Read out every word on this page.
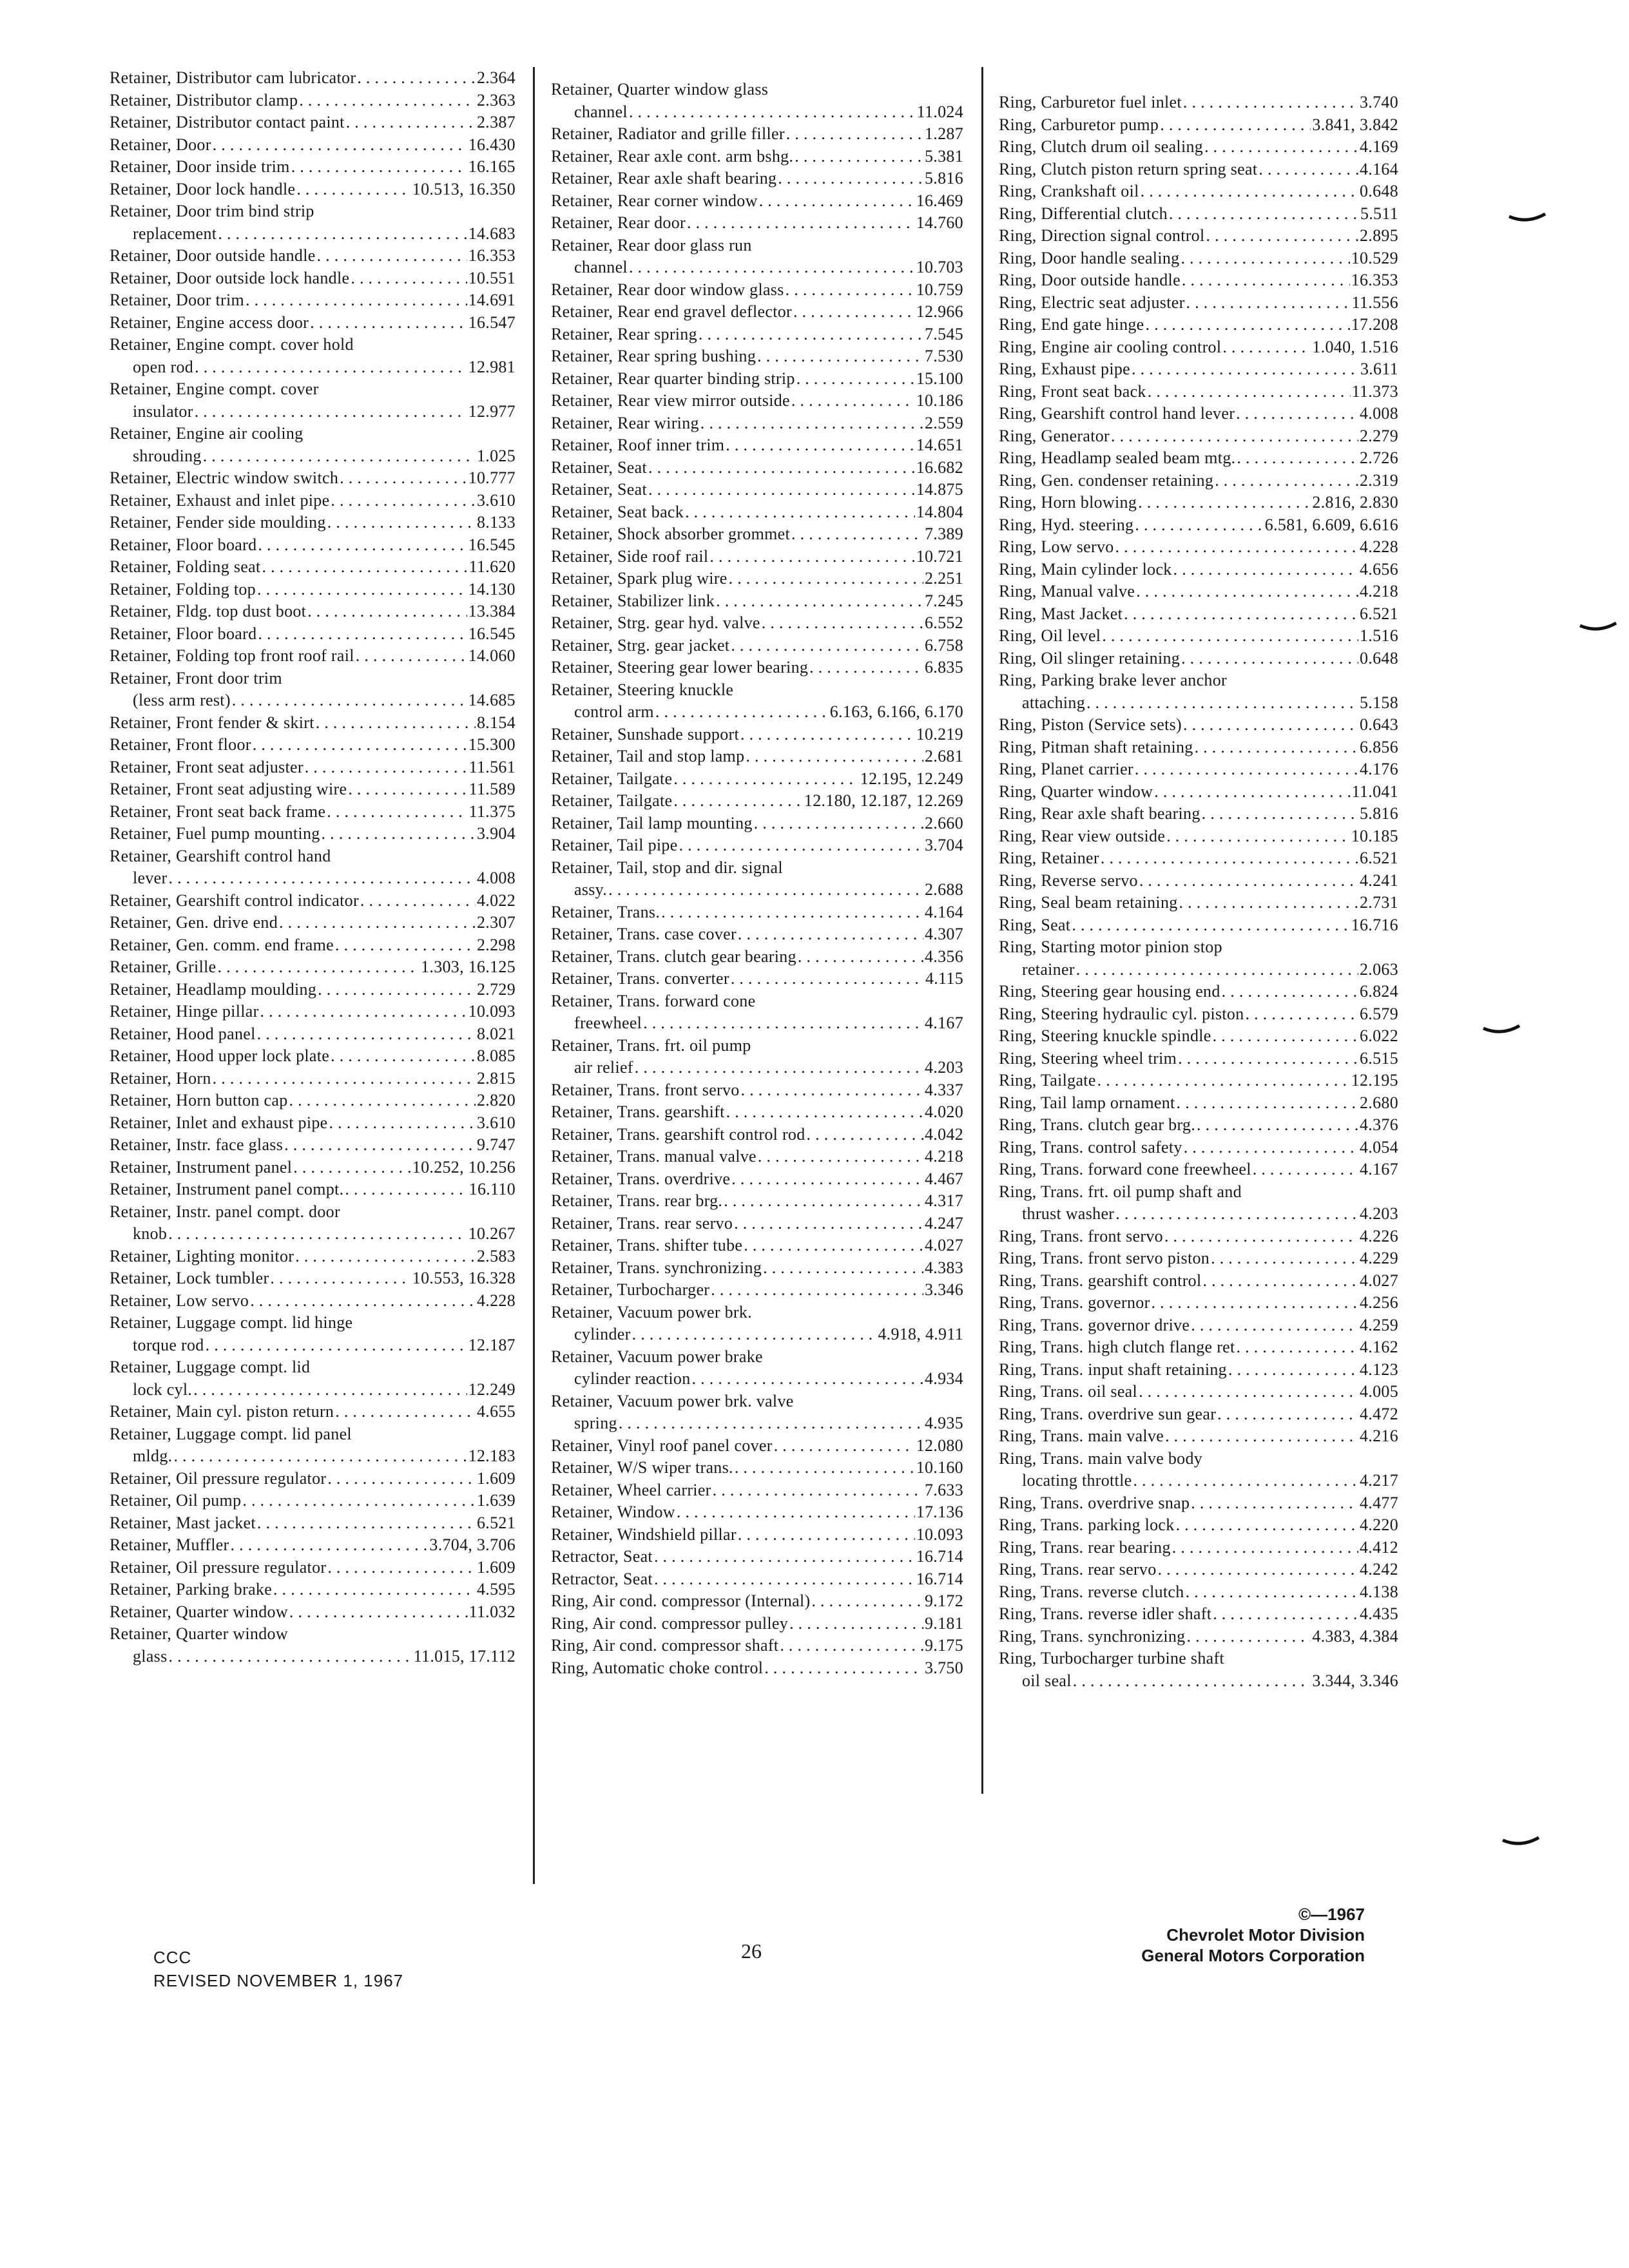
Retainer, Distributor cam lubricator . . .	2.364
Retainer, Distributor clamp . . .	2.363
Retainer, Distributor contact paint . . .	2.387
Retainer, Door . . .	16.430
Retainer, Door inside trim . . .	16.165
Retainer, Door lock handle . . .	10.513, 16.350
Retainer, Door trim bind strip
replacement . . .	14.683
Retainer, Door outside handle . . .	16.353
Retainer, Door outside lock handle . . .	10.551
Retainer, Door trim . . .	14.691
Retainer, Engine access door . . .	16.547
Retainer, Engine compt. cover hold
open rod . . .	12.981
Retainer, Engine compt. cover
insulator . . .	12.977
Retainer, Engine air cooling
shrouding . . .	1.025
Retainer, Electric window switch . . .	10.777
Retainer, Exhaust and inlet pipe . . .	3.610
Retainer, Fender side moulding . . .	8.133
Retainer, Floor board . . .	16.545
Retainer, Folding seat . . .	11.620
Retainer, Folding top . . .	14.130
Retainer, Fldg. top dust boot . . .	13.384
Retainer, Floor board . . .	16.545
Retainer, Folding top front roof rail . . .	14.060
Retainer, Front door trim
(less arm rest) . . .	14.685
Retainer, Front fender & skirt . . .	8.154
Retainer, Front floor . . .	15.300
Retainer, Front seat adjuster . . .	11.561
Retainer, Front seat adjusting wire . . .	11.589
Retainer, Front seat back frame . . .	11.375
Retainer, Fuel pump mounting . . .	3.904
Retainer, Gearshift control hand
lever . . .	4.008
Retainer, Gearshift control indicator . . .	4.022
Retainer, Gen. drive end . . .	2.307
Retainer, Gen. comm. end frame . . .	2.298
Retainer, Grille . . .	1.303, 16.125
Retainer, Headlamp moulding . . .	2.729
Retainer, Hinge pillar . . .	10.093
Retainer, Hood panel . . .	8.021
Retainer, Hood upper lock plate . . .	8.085
Retainer, Horn . . .	2.815
Retainer, Horn button cap . . .	2.820
Retainer, Inlet and exhaust pipe . . .	3.610
Retainer, Instr. face glass . . .	9.747
Retainer, Instrument panel . . .	10.252, 10.256
Retainer, Instrument panel compt. . . .	16.110
Retainer, Instr. panel compt. door
knob . . .	10.267
Retainer, Lighting monitor . . .	2.583
Retainer, Lock tumbler . . .	10.553, 16.328
Retainer, Low servo . . .	4.228
Retainer, Luggage compt. lid hinge
torque rod . . .	12.187
Retainer, Luggage compt. lid
lock cyl. . . .	12.249
Retainer, Main cyl. piston return . . .	4.655
Retainer, Luggage compt. lid panel
mldg. . . .	12.183
Retainer, Oil pressure regulator . . .	1.609
Retainer, Oil pump . . .	1.639
Retainer, Mast jacket . . .	6.521
Retainer, Muffler . . .	3.704, 3.706
Retainer, Oil pressure regulator . . .	1.609
Retainer, Parking brake . . .	4.595
Retainer, Quarter window . . .	11.032
Retainer, Quarter window
glass . . .	11.015, 17.112
Retainer, Quarter window glass
channel . . .	11.024
Retainer, Radiator and grille filler . . .	1.287
Retainer, Rear axle cont. arm bshg. . . .	5.381
Retainer, Rear axle shaft bearing . . .	5.816
Retainer, Rear corner window . . .	16.469
Retainer, Rear door . . .	14.760
Retainer, Rear door glass run
channel . . .	10.703
Retainer, Rear door window glass . . .	10.759
Retainer, Rear end gravel deflector . . .	12.966
Retainer, Rear spring . . .	7.545
Retainer, Rear spring bushing . . .	7.530
Retainer, Rear quarter binding strip . . .	15.100
Retainer, Rear view mirror outside . . .	10.186
Retainer, Rear wiring . . .	2.559
Retainer, Roof inner trim . . .	14.651
Retainer, Seat . . .	16.682
Retainer, Seat . . .	14.875
Retainer, Seat back . . .	14.804
Retainer, Shock absorber grommet . . .	7.389
Retainer, Side roof rail . . .	10.721
Retainer, Spark plug wire . . .	2.251
Retainer, Stabilizer link . . .	7.245
Retainer, Strg. gear hyd. valve . . .	6.552
Retainer, Strg. gear jacket . . .	6.758
Retainer, Steering gear lower bearing . . .	6.835
Retainer, Steering knuckle
control arm . . .	6.163, 6.166, 6.170
Retainer, Sunshade support . . .	10.219
Retainer, Tail and stop lamp . . .	2.681
Retainer, Tailgate . . .	12.195, 12.249
Retainer, Tailgate . . .	12.180, 12.187, 12.269
Retainer, Tail lamp mounting . . .	2.660
Retainer, Tail pipe . . .	3.704
Retainer, Tail, stop and dir. signal
assy. . . .	2.688
Retainer, Trans. . . .	4.164
Retainer, Trans. case cover . . .	4.307
Retainer, Trans. clutch gear bearing . . .	4.356
Retainer, Trans. converter . . .	4.115
Retainer, Trans. forward cone
freewheel . . .	4.167
Retainer, Trans. frt. oil pump
air relief . . .	4.203
Retainer, Trans. front servo . . .	4.337
Retainer, Trans. gearshift . . .	4.020
Retainer, Trans. gearshift control rod . . .	4.042
Retainer, Trans. manual valve . . .	4.218
Retainer, Trans. overdrive . . .	4.467
Retainer, Trans. rear brg. . . .	4.317
Retainer, Trans. rear servo . . .	4.247
Retainer, Trans. shifter tube . . .	4.027
Retainer, Trans. synchronizing . . .	4.383
Retainer, Turbocharger . . .	3.346
Retainer, Vacuum power brk.
cylinder . . .	4.918, 4.911
Retainer, Vacuum power brake
cylinder reaction . . .	4.934
Retainer, Vacuum power brk. valve
spring . . .	4.935
Retainer, Vinyl roof panel cover . . .	12.080
Retainer, W/S wiper trans. . . .	10.160
Retainer, Wheel carrier . . .	7.633
Retainer, Window . . .	17.136
Retainer, Windshield pillar . . .	10.093
Retractor, Seat . . .	16.714
Retractor, Seat . . .	16.714
Ring, Air cond. compressor (Internal) . . .	9.172
Ring, Air cond. compressor pulley . . .	9.181
Ring, Air cond. compressor shaft . . .	9.175
Ring, Automatic choke control . . .	3.750
Ring, Carburetor fuel inlet . . .	3.740
Ring, Carburetor pump . . .	3.841, 3.842
Ring, Clutch drum oil sealing . . .	4.169
Ring, Clutch piston return spring seat . . .	4.164
Ring, Crankshaft oil . . .	0.648
Ring, Differential clutch . . .	5.511
Ring, Direction signal control . . .	2.895
Ring, Door handle sealing . . .	10.529
Ring, Door outside handle . . .	16.353
Ring, Electric seat adjuster . . .	11.556
Ring, End gate hinge . . .	17.208
Ring, Engine air cooling control . . .	1.040, 1.516
Ring, Exhaust pipe . . .	3.611
Ring, Front seat back . . .	11.373
Ring, Gearshift control hand lever . . .	4.008
Ring, Generator . . .	2.279
Ring, Headlamp sealed beam mtg. . . .	2.726
Ring, Gen. condenser retaining . . .	2.319
Ring, Horn blowing . . .	2.816, 2.830
Ring, Hyd. steering . . .	6.581, 6.609, 6.616
Ring, Low servo . . .	4.228
Ring, Main cylinder lock . . .	4.656
Ring, Manual valve . . .	4.218
Ring, Mast Jacket . . .	6.521
Ring, Oil level . . .	1.516
Ring, Oil slinger retaining . . .	0.648
Ring, Parking brake lever anchor
attaching . . .	5.158
Ring, Piston (Service sets) . . .	0.643
Ring, Pitman shaft retaining . . .	6.856
Ring, Planet carrier . . .	4.176
Ring, Quarter window . . .	11.041
Ring, Rear axle shaft bearing . . .	5.816
Ring, Rear view outside . . .	10.185
Ring, Retainer . . .	6.521
Ring, Reverse servo . . .	4.241
Ring, Seal beam retaining . . .	2.731
Ring, Seat . . .	16.716
Ring, Starting motor pinion stop
retainer . . .	2.063
Ring, Steering gear housing end . . .	6.824
Ring, Steering hydraulic cyl. piston . . .	6.579
Ring, Steering knuckle spindle . . .	6.022
Ring, Steering wheel trim . . .	6.515
Ring, Tailgate . . .	12.195
Ring, Tail lamp ornament . . .	2.680
Ring, Trans. clutch gear brg. . . .	4.376
Ring, Trans. control safety . . .	4.054
Ring, Trans. forward cone freewheel . . .	4.167
Ring, Trans. frt. oil pump shaft and
thrust washer . . .	4.203
Ring, Trans. front servo . . .	4.226
Ring, Trans. front servo piston . . .	4.229
Ring, Trans. gearshift control . . .	4.027
Ring, Trans. governor . . .	4.256
Ring, Trans. governor drive . . .	4.259
Ring, Trans. high clutch flange ret . . .	4.162
Ring, Trans. input shaft retaining . . .	4.123
Ring, Trans. oil seal . . .	4.005
Ring, Trans. overdrive sun gear . . .	4.472
Ring, Trans. main valve . . .	4.216
Ring, Trans. main valve body
locating throttle . . .	4.217
Ring, Trans. overdrive snap . . .	4.477
Ring, Trans. parking lock . . .	4.220
Ring, Trans. rear bearing . . .	4.412
Ring, Trans. rear servo . . .	4.242
Ring, Trans. reverse clutch . . .	4.138
Ring, Trans. reverse idler shaft . . .	4.435
Ring, Trans. synchronizing . . .	4.383, 4.384
Ring, Turbocharger turbine shaft
oil seal . . .	3.344, 3.346
CCC
REVISED NOVEMBER 1, 1967
26
©—1967
Chevrolet Motor Division
General Motors Corporation
